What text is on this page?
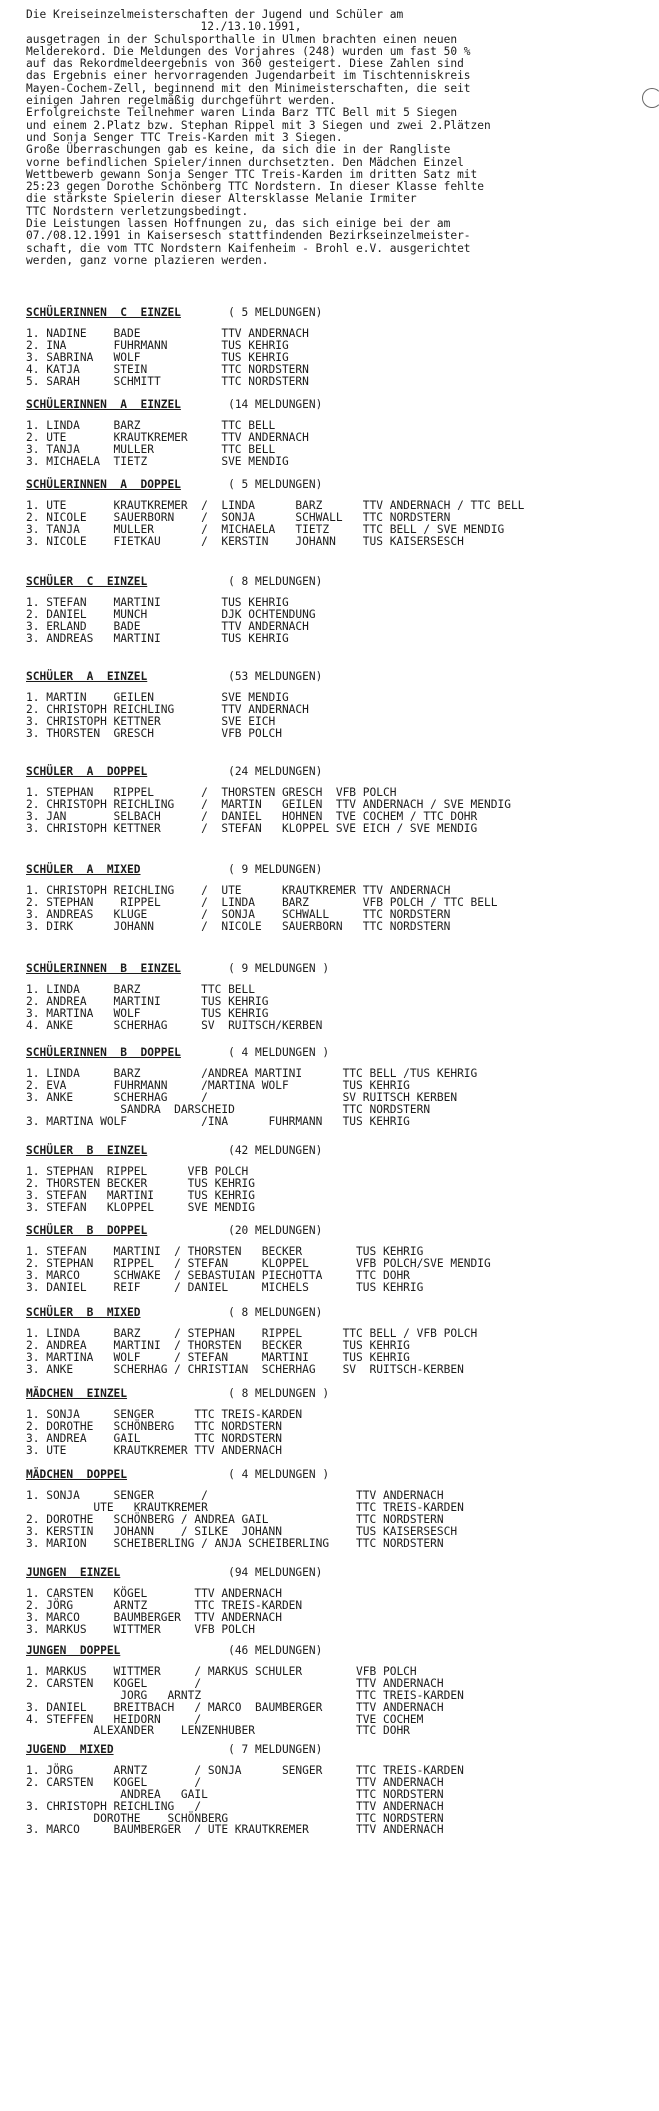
Die Kreiseinzelmeisterschaften der Jugend und Schüler am
12./13.10.1991,
ausgetragen in der Schulsporthalle in Ulmen brachten einen neuen
Melderekord. Die Meldungen des Vorjahres (248) wurden um fast 50 %
auf das Rekordmeldeergebnis von 360 gesteigert. Diese Zahlen sind
das Ergebnis einer hervorragenden Jugendarbeit im Tischtenniskreis
Mayen-Cochem-Zell, beginnend mit den Minimeisterschaften, die seit
einigen Jahren regelmäßig durchgeführt werden.
Erfolgreichste Teilnehmer waren Linda Barz TTC Bell mit 5 Siegen
und einem 2.Platz bzw. Stephan Rippel mit 3 Siegen und zwei 2.Plätzen
und Sonja Senger TTC Treis-Karden mit 3 Siegen.
Große Überraschungen gab es keine, da sich die in der Rangliste
vorne befindlichen Spieler/innen durchsetzten. Den Mädchen Einzel
Wettbewerb gewann Sonja Senger TTC Treis-Karden im dritten Satz mit
25:23 gegen Dorothe Schönberg TTC Nordstern. In dieser Klasse fehlte
die stärkste Spielerin dieser Altersklasse Melanie Irmiter
TTC Nordstern verletzungsbedingt.
Die Leistungen lassen Hoffnungen zu, das sich einige bei der am
07./08.12.1991 in Kaisersesch stattfindenden Bezirkseinzelmeister-
schaft, die vom TTC Nordstern Kaifenheim - Brohl e.V. ausgerichtet
werden, ganz vorne plazieren werden.
SCHÜLERINNEN  C  EINZEL	( 5 MELDUNGEN)
1. NADINE    BADE            TTV ANDERNACH
2. INA       FUHRMANN        TUS KEHRIG
3. SABRINA   WOLF            TUS KEHRIG
4. KATJA     STEIN           TTC NORDSTERN
5. SARAH     SCHMITT         TTC NORDSTERN
SCHÜLERINNEN  A  EINZEL	(14 MELDUNGEN)
1. LINDA     BARZ            TTC BELL
2. UTE       KRAUTKREMER     TTV ANDERNACH
3. TANJA     MULLER          TTC BELL
3. MICHAELA  TIETZ           SVE MENDIG
SCHÜLERINNEN  A  DOPPEL	( 5 MELDUNGEN)
1. UTE       KRAUTKREMER  /  LINDA      BARZ      TTV ANDERNACH / TTC BELL
2. NICOLE    SAUERBORN    /  SONJA      SCHWALL   TTC NORDSTERN
3. TANJA     MULLER       /  MICHAELA   TIETZ     TTC BELL / SVE MENDIG
3. NICOLE    FIETKAU      /  KERSTIN    JOHANN    TUS KAISERSESCH
SCHÜLER  C  EINZEL	( 8 MELDUNGEN)
1. STEFAN    MARTINI         TUS KEHRIG
2. DANIEL    MUNCH           DJK OCHTENDUNG
3. ERLAND    BADE            TTV ANDERNACH
3. ANDREAS   MARTINI         TUS KEHRIG
SCHÜLER  A  EINZEL	(53 MELDUNGEN)
1. MARTIN    GEILEN          SVE MENDIG
2. CHRISTOPH REICHLING       TTV ANDERNACH
3. CHRISTOPH KETTNER         SVE EICH
3. THORSTEN  GRESCH          VFB POLCH
SCHÜLER  A  DOPPEL	(24 MELDUNGEN)
1. STEPHAN   RIPPEL       /  THORSTEN GRESCH  VFB POLCH
2. CHRISTOPH REICHLING    /  MARTIN   GEILEN  TTV ANDERNACH / SVE MENDIG
3. JAN       SELBACH      /  DANIEL   HOHNEN  TVE COCHEM / TTC DOHR
3. CHRISTOPH KETTNER      /  STEFAN   KLOPPEL SVE EICH / SVE MENDIG
SCHÜLER  A  MIXED	( 9 MELDUNGEN)
1. CHRISTOPH REICHLING    /  UTE      KRAUTKREMER TTV ANDERNACH
2. STEPHAN    RIPPEL      /  LINDA    BARZ        VFB POLCH / TTC BELL
3. ANDREAS   KLUGE        /  SONJA    SCHWALL     TTC NORDSTERN
3. DIRK      JOHANN       /  NICOLE   SAUERBORN   TTC NORDSTERN
SCHÜLERINNEN  B  EINZEL	( 9 MELDUNGEN )
1. LINDA     BARZ         TTC BELL
2. ANDREA    MARTINI      TUS KEHRIG
3. MARTINA   WOLF         TUS KEHRIG
4. ANKE      SCHERHAG     SV  RUITSCH/KERBEN
SCHÜLERINNEN  B  DOPPEL	( 4 MELDUNGEN )
1. LINDA     BARZ         /ANDREA MARTINI      TTC BELL /TUS KEHRIG
2. EVA       FUHRMANN     /MARTINA WOLF        TUS KEHRIG
3. ANKE      SCHERHAG     /                    SV RUITSCH KERBEN
SANDRA  DARSCHEID                TTC NORDSTERN
3. MARTINA WOLF           /INA      FUHRMANN   TUS KEHRIG
SCHÜLER  B  EINZEL	(42 MELDUNGEN)
1. STEPHAN  RIPPEL      VFB POLCH
2. THORSTEN BECKER      TUS KEHRIG
3. STEFAN   MARTINI     TUS KEHRIG
3. STEFAN   KLOPPEL     SVE MENDIG
SCHÜLER  B  DOPPEL	(20 MELDUNGEN)
1. STEFAN    MARTINI  / THORSTEN   BECKER        TUS KEHRIG
2. STEPHAN   RIPPEL   / STEFAN     KLOPPEL       VFB POLCH/SVE MENDIG
3. MARCO     SCHWAKE  / SEBASTUIAN PIECHOTTA     TTC DOHR
3. DANIEL    REIF     / DANIEL     MICHELS       TUS KEHRIG
SCHÜLER  B  MIXED	( 8 MELDUNGEN)
1. LINDA     BARZ     / STEPHAN    RIPPEL      TTC BELL / VFB POLCH
2. ANDREA    MARTINI  / THORSTEN   BECKER      TUS KEHRIG
3. MARTINA   WOLF     / STEFAN     MARTINI     TUS KEHRIG
3. ANKE      SCHERHAG / CHRISTIAN  SCHERHAG    SV  RUITSCH-KERBEN
MÄDCHEN  EINZEL	( 8 MELDUNGEN )
1. SONJA     SENGER      TTC TREIS-KARDEN
2. DOROTHE   SCHÖNBERG   TTC NORDSTERN
3. ANDREA    GAIL        TTC NORDSTERN
3. UTE       KRAUTKREMER TTV ANDERNACH
MÄDCHEN  DOPPEL	( 4 MELDUNGEN )
1. SONJA     SENGER       /                      TTV ANDERNACH
UTE   KRAUTKREMER                      TTC TREIS-KARDEN
2. DOROTHE   SCHÖNBERG / ANDREA GAIL             TTC NORDSTERN
3. KERSTIN   JOHANN    / SILKE  JOHANN           TUS KAISERSESCH
3. MARION    SCHEIBERLING / ANJA SCHEIBERLING    TTC NORDSTERN
JUNGEN  EINZEL	(94 MELDUNGEN)
1. CARSTEN   KÖGEL       TTV ANDERNACH
2. JÖRG      ARNTZ       TTC TREIS-KARDEN
3. MARCO     BAUMBERGER  TTV ANDERNACH
3. MARKUS    WITTMER     VFB POLCH
JUNGEN  DOPPEL	(46 MELDUNGEN)
1. MARKUS    WITTMER     / MARKUS SCHULER        VFB POLCH
2. CARSTEN   KOGEL       /                       TTV ANDERNACH
JORG   ARNTZ                       TTC TREIS-KARDEN
3. DANIEL    BREITBACH   / MARCO  BAUMBERGER     TTV ANDERNACH
4. STEFFEN   HEIDORN     /                       TVE COCHEM
ALEXANDER    LENZENHUBER               TTC DOHR
JUGEND  MIXED	( 7 MELDUNGEN)
1. JÖRG      ARNTZ       / SONJA      SENGER     TTC TREIS-KARDEN
2. CARSTEN   KOGEL       /                       TTV ANDERNACH
ANDREA   GAIL                      TTC NORDSTERN
3. CHRISTOPH REICHLING   /                       TTV ANDERNACH
DOROTHE    SCHÖNBERG                   TTC NORDSTERN
3. MARCO     BAUMBERGER  / UTE KRAUTKREMER       TTV ANDERNACH
